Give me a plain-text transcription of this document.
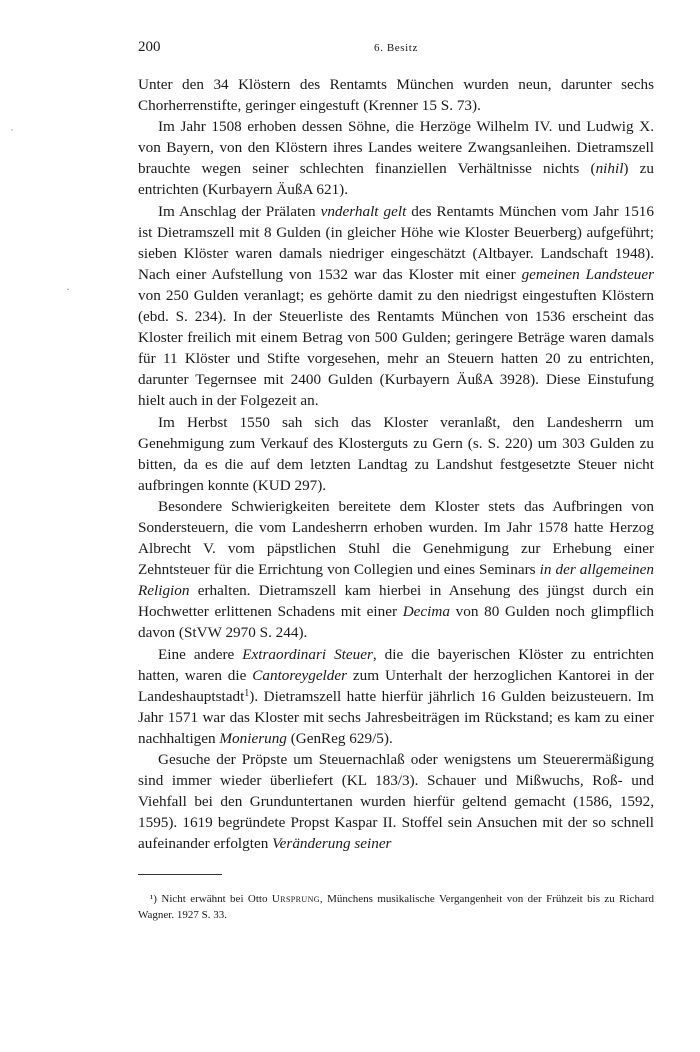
200	6. Besitz

Unter den 34 Klöstern des Rentamts München wurden neun, darunter sechs Chorherrenstifte, geringer eingestuft (Krenner 15 S. 73).

Im Jahr 1508 erhoben dessen Söhne, die Herzöge Wilhelm IV. und Ludwig X. von Bayern, von den Klöstern ihres Landes weitere Zwangsanleihen. Dietramszell brauchte wegen seiner schlechten finanziellen Verhältnisse nichts (nihil) zu entrichten (Kurbayern ÄußA 621).

Im Anschlag der Prälaten vnderhalt gelt des Rentamts München vom Jahr 1516 ist Dietramszell mit 8 Gulden (in gleicher Höhe wie Kloster Beuerberg) aufgeführt; sieben Klöster waren damals niedriger eingeschätzt (Altbayer. Landschaft 1948). Nach einer Aufstellung von 1532 war das Kloster mit einer gemeinen Landsteuer von 250 Gulden veranlagt; es gehörte damit zu den niedrigst eingestuften Klöstern (ebd. S. 234). In der Steuerliste des Rentamts München von 1536 erscheint das Kloster freilich mit einem Betrag von 500 Gulden; geringere Beträge waren damals für 11 Klöster und Stifte vorgesehen, mehr an Steuern hatten 20 zu entrichten, darunter Tegernsee mit 2400 Gulden (Kurbayern ÄußA 3928). Diese Einstufung hielt auch in der Folgezeit an.

Im Herbst 1550 sah sich das Kloster veranlaßt, den Landesherrn um Genehmigung zum Verkauf des Klosterguts zu Gern (s. S. 220) um 303 Gulden zu bitten, da es die auf dem letzten Landtag zu Landshut festgesetzte Steuer nicht aufbringen konnte (KUD 297).

Besondere Schwierigkeiten bereitete dem Kloster stets das Aufbringen von Sondersteuern, die vom Landesherrn erhoben wurden. Im Jahr 1578 hatte Herzog Albrecht V. vom päpstlichen Stuhl die Genehmigung zur Erhebung einer Zehntsteuer für die Errichtung von Collegien und eines Seminars in der allgemeinen Religion erhalten. Dietramszell kam hierbei in Ansehung des jüngst durch ein Hochwetter erlittenen Schadens mit einer Decima von 80 Gulden noch glimpflich davon (StVW 2970 S. 244).

Eine andere Extraordinari Steuer, die die bayerischen Klöster zu entrichten hatten, waren die Cantoreygelder zum Unterhalt der herzoglichen Kantorei in der Landeshauptstadt$^1$). Dietramszell hatte hierfür jährlich 16 Gulden beizusteuern. Im Jahr 1571 war das Kloster mit sechs Jahresbeiträgen im Rückstand; es kam zu einer nachhaltigen Monierung (GenReg 629/5).

Gesuche der Pröpste um Steuernachlaß oder wenigstens um Steuerermäßigung sind immer wieder überliefert (KL 183/3). Schauer und Mißwuchs, Roß- und Viehfall bei den Grunduntertanen wurden hierfür geltend gemacht (1586, 1592, 1595). 1619 begründete Propst Kaspar II. Stoffel sein Ansuchen mit der so schnell aufeinander erfolgten Veränderung seiner

¹) Nicht erwähnt bei Otto Ursprung, Münchens musikalische Vergangenheit von der Frühzeit bis zu Richard Wagner. 1927 S. 33.
˙
·
